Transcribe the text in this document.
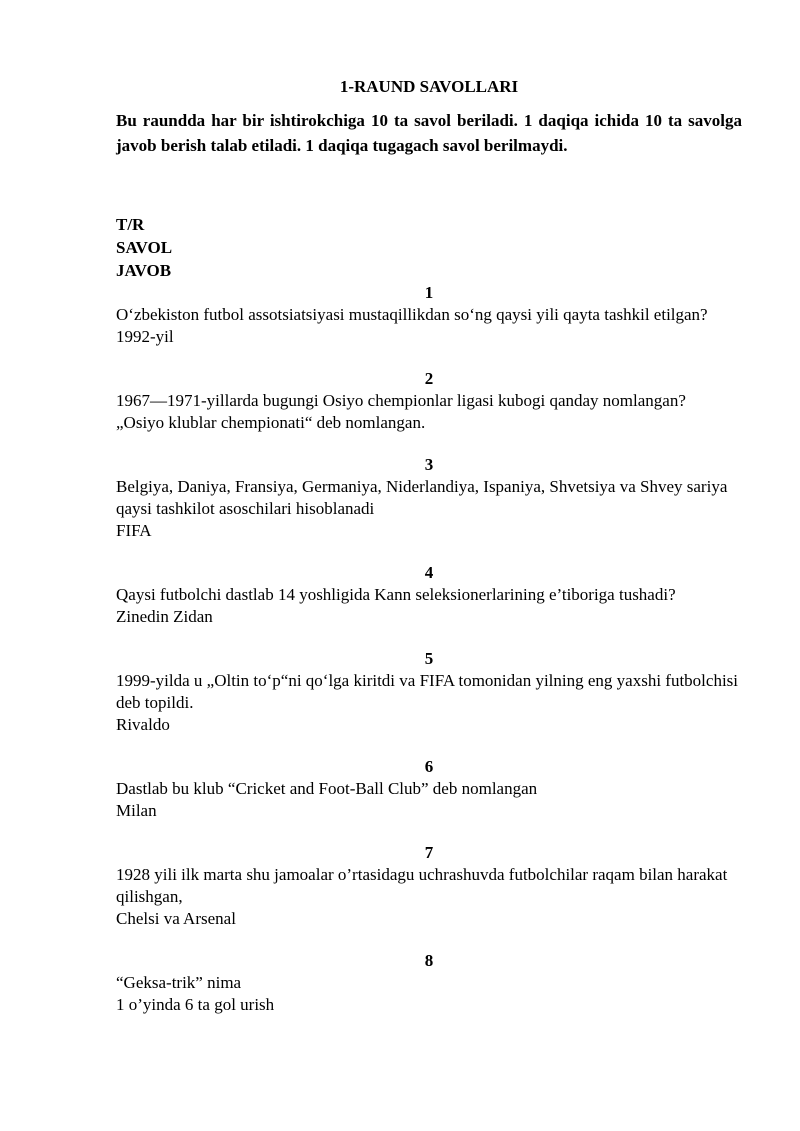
1-RAUND SAVOLLARI

Bu raundda har bir ishtirokchiga 10 ta savol beriladi. 1 daqiqa ichida 10 ta savolga javob berish talab etiladi. 1 daqiqa tugagach savol berilmaydi.

T/R
SAVOL
JAVOB
1

O‘zbekiston futbol assotsiatsiyasi mustaqillikdan so‘ng qaysi yili qayta tashkil etilgan?

1992-yil

2

1967—1971-yillarda bugungi Osiyo chempionlar ligasi kubogi qanday nomlangan?

„Osiyo klublar chempionati“ deb nomlangan.

3

Belgiya, Daniya, Fransiya, Germaniya, Niderlandiya, Ispaniya, Shvetsiya va Shvey sariya qaysi tashkilot asoschilari hisoblanadi

FIFA

4

Qaysi futbolchi dastlab 14 yoshligida Kann seleksionerlarining e’tiboriga tushadi?

Zinedin Zidan

5

1999-yilda u „Oltin to‘p“ni qo‘lga kiritdi va FIFA tomonidan yilning eng yaxshi futbolchisi deb topildi.

Rivaldo

6

Dastlab bu klub “Cricket and Foot-Ball Club” deb nomlangan

Milan

7

1928 yili ilk marta shu jamoalar o’rtasidagu uchrashuvda futbolchilar raqam bilan harakat qilishgan,

Chelsi va Arsenal

8

“Geksa-trik” nima

1 o’yinda 6 ta gol urish
